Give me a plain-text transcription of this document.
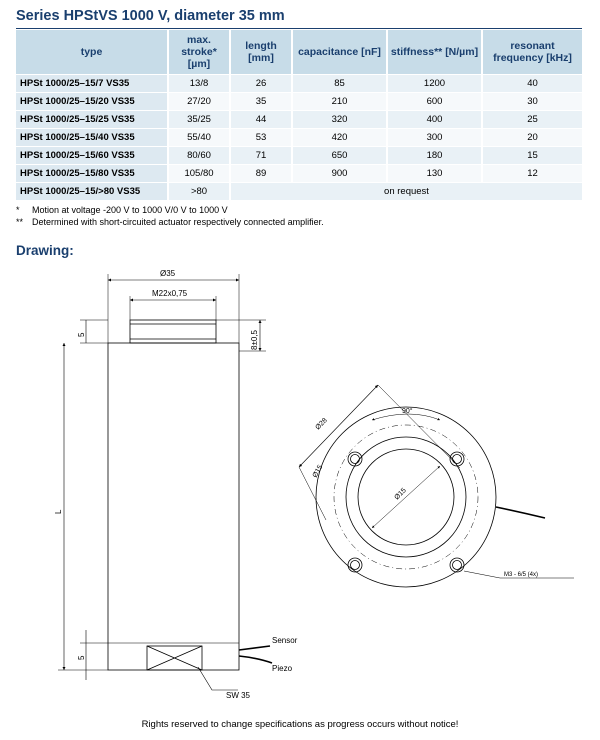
Series HPStVS 1000 V, diameter 35 mm
type	max. stroke* [µm]	length [mm]	capacitance [nF]	stiffness** [N/µm]	resonant frequency [kHz]
HPSt 1000/25–15/7 VS35	13/8	26	85	1200	40
HPSt 1000/25–15/20 VS35	27/20	35	210	600	30
HPSt 1000/25–15/25 VS35	35/25	44	320	400	25
HPSt 1000/25–15/40 VS35	55/40	53	420	300	20
HPSt 1000/25–15/60 VS35	80/60	71	650	180	15
HPSt 1000/25–15/80 VS35	105/80	89	900	130	12
HPSt 1000/25–15/>80 VS35	>80	on request			
*	Motion at voltage -200 V to 1000 V/0 V to 1000 V
** Determined with short-circuited actuator respectively connected amplifier.
Drawing:
Ø35
M22x0,75
5	8±0,5
L
5
Sensor
Piezo
SW 35
Ø28
90°
Ø15
Ø15
M3 - 6/5 (4x)
Rights reserved to change specifications as progress occurs without notice!
